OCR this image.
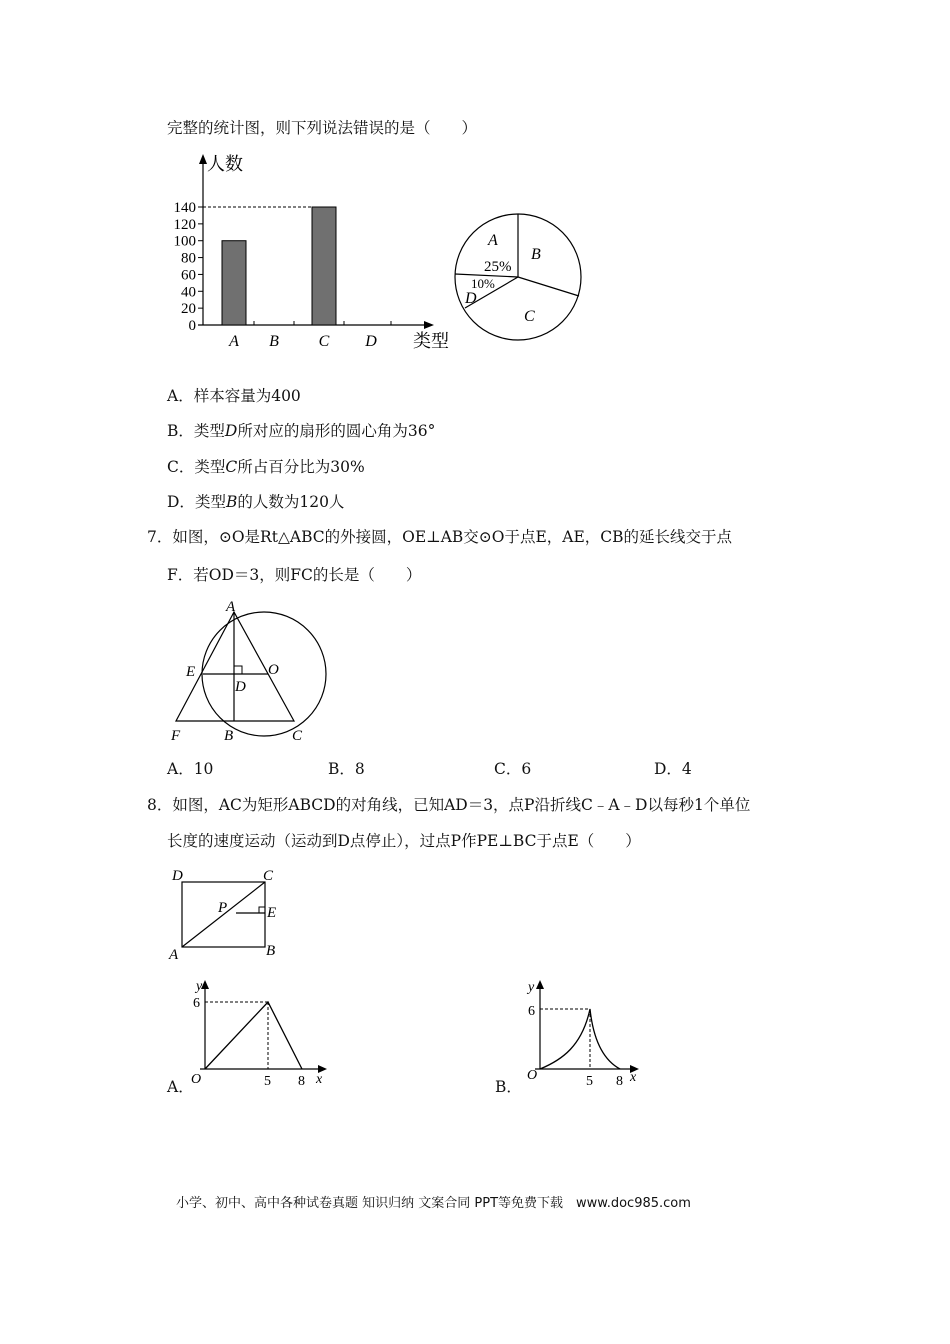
完整的统计图，则下列说法错误的是（　　）
人数
类型
0
20
40
60
80
100
120
140
A B C D
A
25%
B
C
D
10%
A．样本容量为400
B．类型D所对应的扇形的圆心角为36°
C．类型C所占百分比为30%
D．类型B的人数为120人
7．如图，⊙O是Rt△ABC的外接圆，OE⊥AB交⊙O于点E，AE，CB的延长线交于点
F．若OD＝3，则FC的长是（　　）
A
E
D
O
F	B	C
A．10	B．8	C．6	D．4
8．如图，AC为矩形ABCD的对角线，已知AD＝3，点P沿折线C﹣A﹣D以每秒1个单位
长度的速度运动（运动到D点停止），过点P作PE⊥BC于点E（　　）
D	C
P	E
A	B
A．
y
6
O	5 8 x	B．
y
6
O	5 8 x
小学、初中、高中各种试卷真题 知识归纳 文案合同 PPT等免费下载　www.doc985.com
